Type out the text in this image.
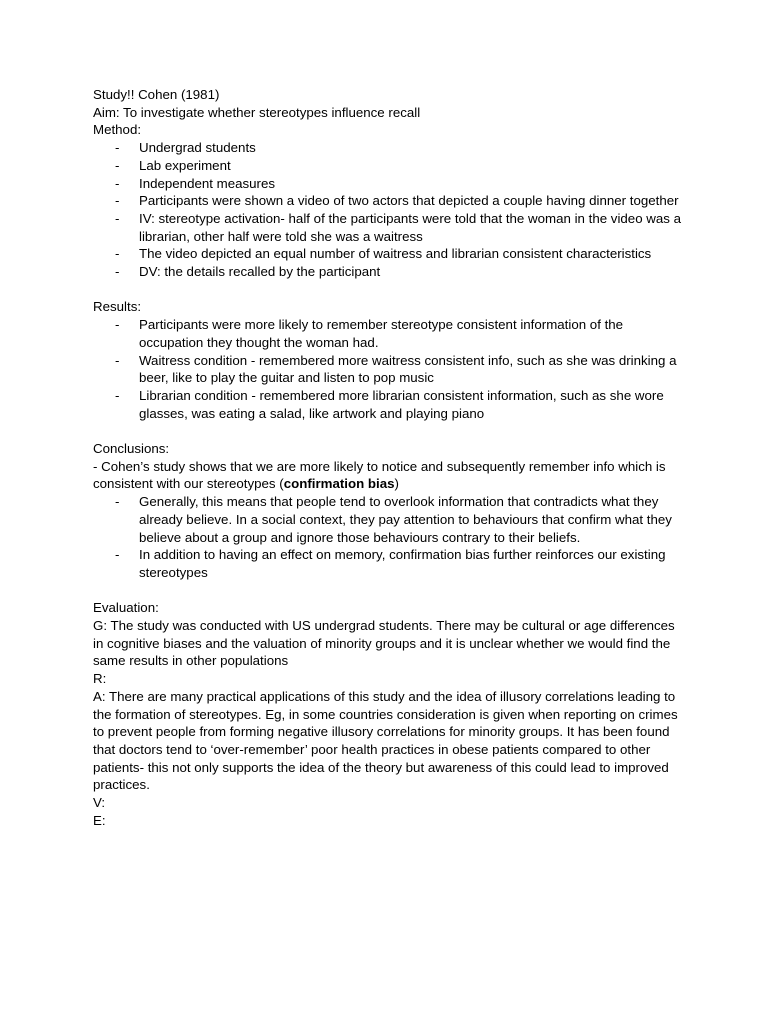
Study!! Cohen (1981)

Aim: To investigate whether stereotypes influence recall

Method:

- Undergrad students
- Lab experiment
- Independent measures
- Participants were shown a video of two actors that depicted a couple having dinner together
- IV: stereotype activation- half of the participants were told that the woman in the video was a librarian, other half were told she was a waitress
- The video depicted an equal number of waitress and librarian consistent characteristics
- DV: the details recalled by the participant

Results:

- Participants were more likely to remember stereotype consistent information of the occupation they thought the woman had.
- Waitress condition - remembered more waitress consistent info, such as she was drinking a beer, like to play the guitar and listen to pop music
- Librarian condition - remembered more librarian consistent information, such as she wore glasses, was eating a salad, like artwork and playing piano

Conclusions:

- Cohen’s study shows that we are more likely to notice and subsequently remember info which is consistent with our stereotypes (confirmation bias)

- Generally, this means that people tend to overlook information that contradicts what they already believe. In a social context, they pay attention to behaviours that confirm what they believe about a group and ignore those behaviours contrary to their beliefs.
- In addition to having an effect on memory, confirmation bias further reinforces our existing stereotypes

Evaluation:

G: The study was conducted with US undergrad students. There may be cultural or age differences in cognitive biases and the valuation of minority groups and it is unclear whether we would find the same results in other populations

R:

A: There are many practical applications of this study and the idea of illusory correlations leading to the formation of stereotypes. Eg, in some countries consideration is given when reporting on crimes to prevent people from forming negative illusory correlations for minority groups. It has been found that doctors tend to ‘over-remember’ poor health practices in obese patients compared to other patients- this not only supports the idea of the theory but awareness of this could lead to improved practices.

V:

E:
